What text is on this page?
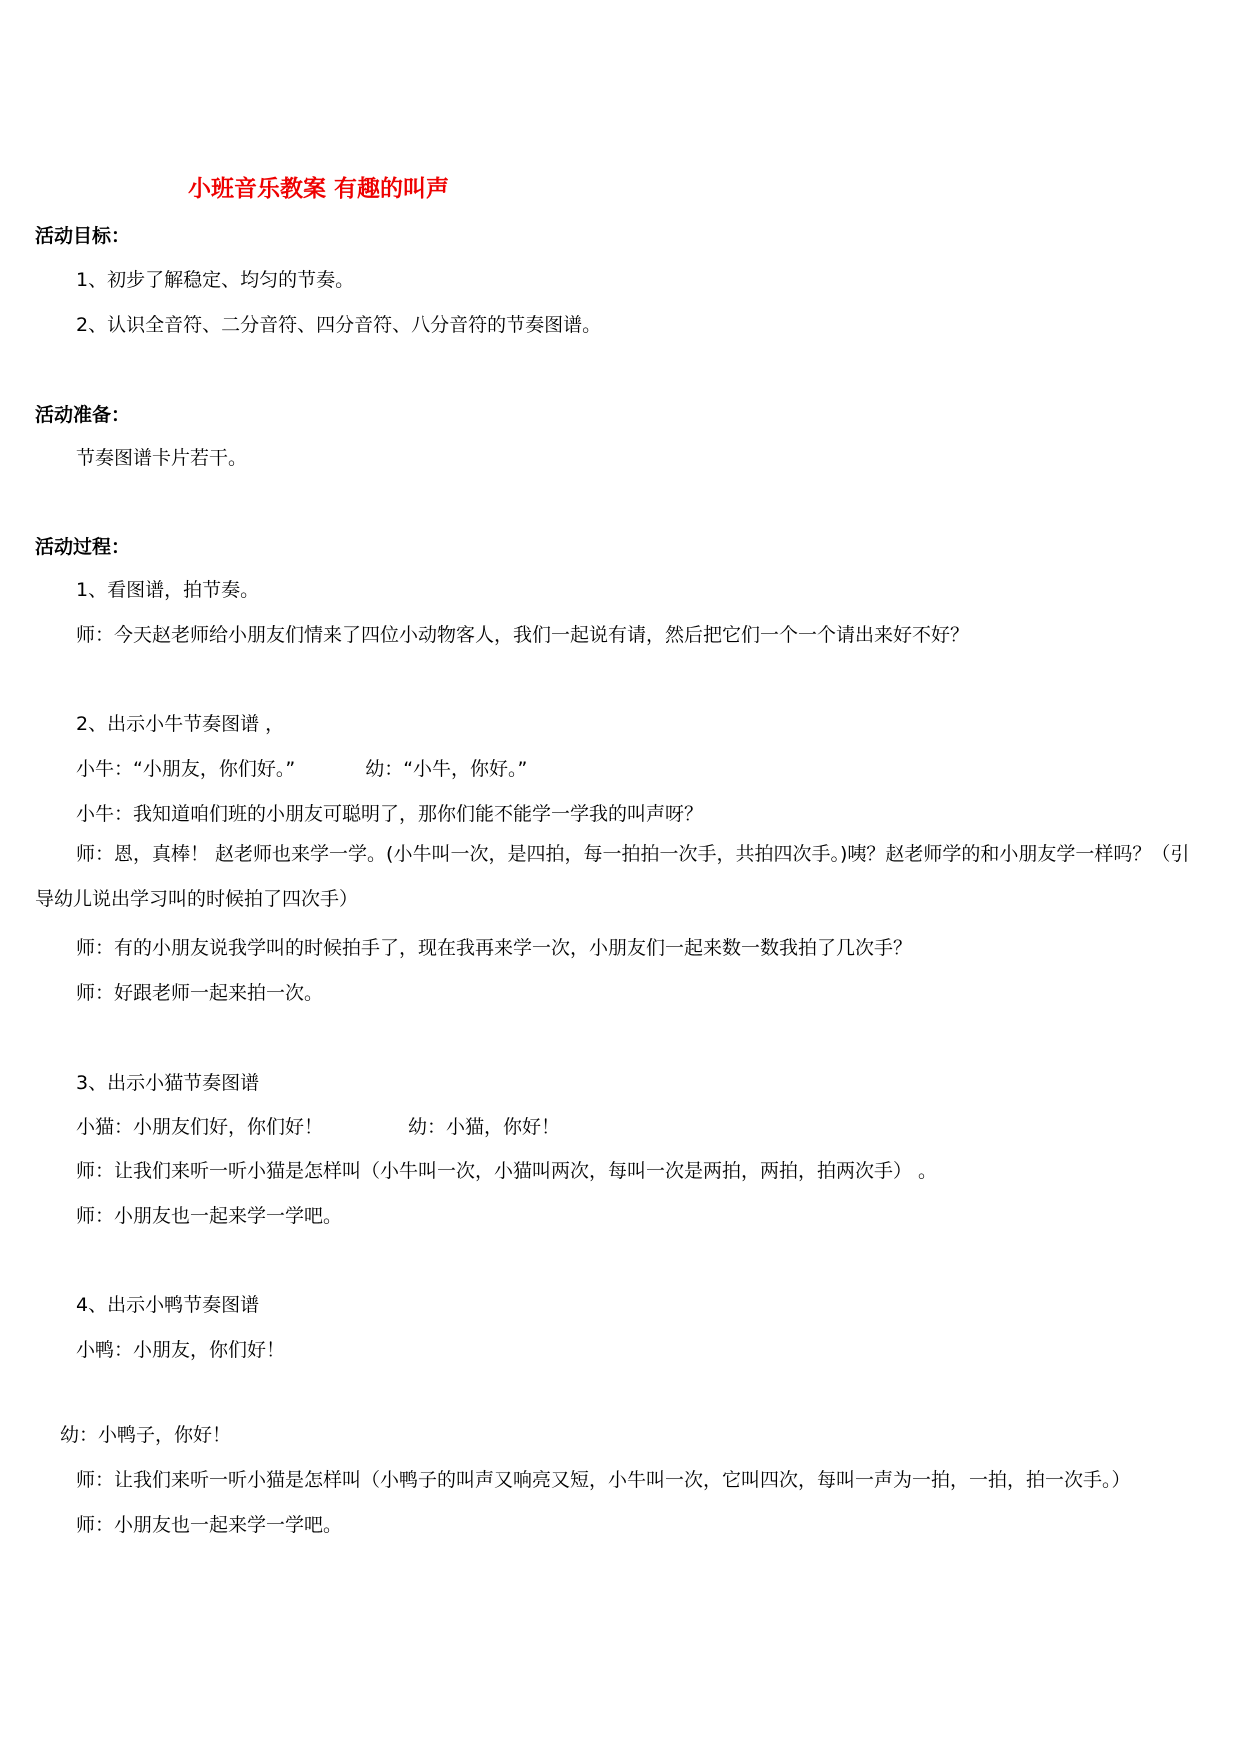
小班音乐教案 有趣的叫声
活动目标：
1、初步了解稳定、均匀的节奏。
2、认识全音符、二分音符、四分音符、八分音符的节奏图谱。
活动准备：
节奏图谱卡片若干。
活动过程：
1、看图谱，拍节奏。
师：今天赵老师给小朋友们情来了四位小动物客人，我们一起说有请，然后把它们一个一个请出来好不好？
2、出示小牛节奏图谱 ，
小牛：“小朋友，你们好。”	幼：“小牛，你好。”
小牛：我知道咱们班的小朋友可聪明了，那你们能不能学一学我的叫声呀？
师：恩，真棒！ 赵老师也来学一学。(小牛叫一次，是四拍，每一拍拍一次手，共拍四次手。)咦？赵老师学的和小朋友学一样吗？（引导幼儿说出学习叫的时候拍了四次手）
师：有的小朋友说我学叫的时候拍手了，现在我再来学一次，小朋友们一起来数一数我拍了几次手？
师：好跟老师一起来拍一次。
3、出示小猫节奏图谱
小猫：小朋友们好，你们好！	幼：小猫，你好！
师：让我们来听一听小猫是怎样叫（小牛叫一次，小猫叫两次，每叫一次是两拍，两拍，拍两次手） 。
师：小朋友也一起来学一学吧。
4、出示小鸭节奏图谱
小鸭：小朋友，你们好！
幼：小鸭子，你好！
师：让我们来听一听小猫是怎样叫（小鸭子的叫声又响亮又短，小牛叫一次，它叫四次，每叫一声为一拍，一拍，拍一次手。）
师：小朋友也一起来学一学吧。
